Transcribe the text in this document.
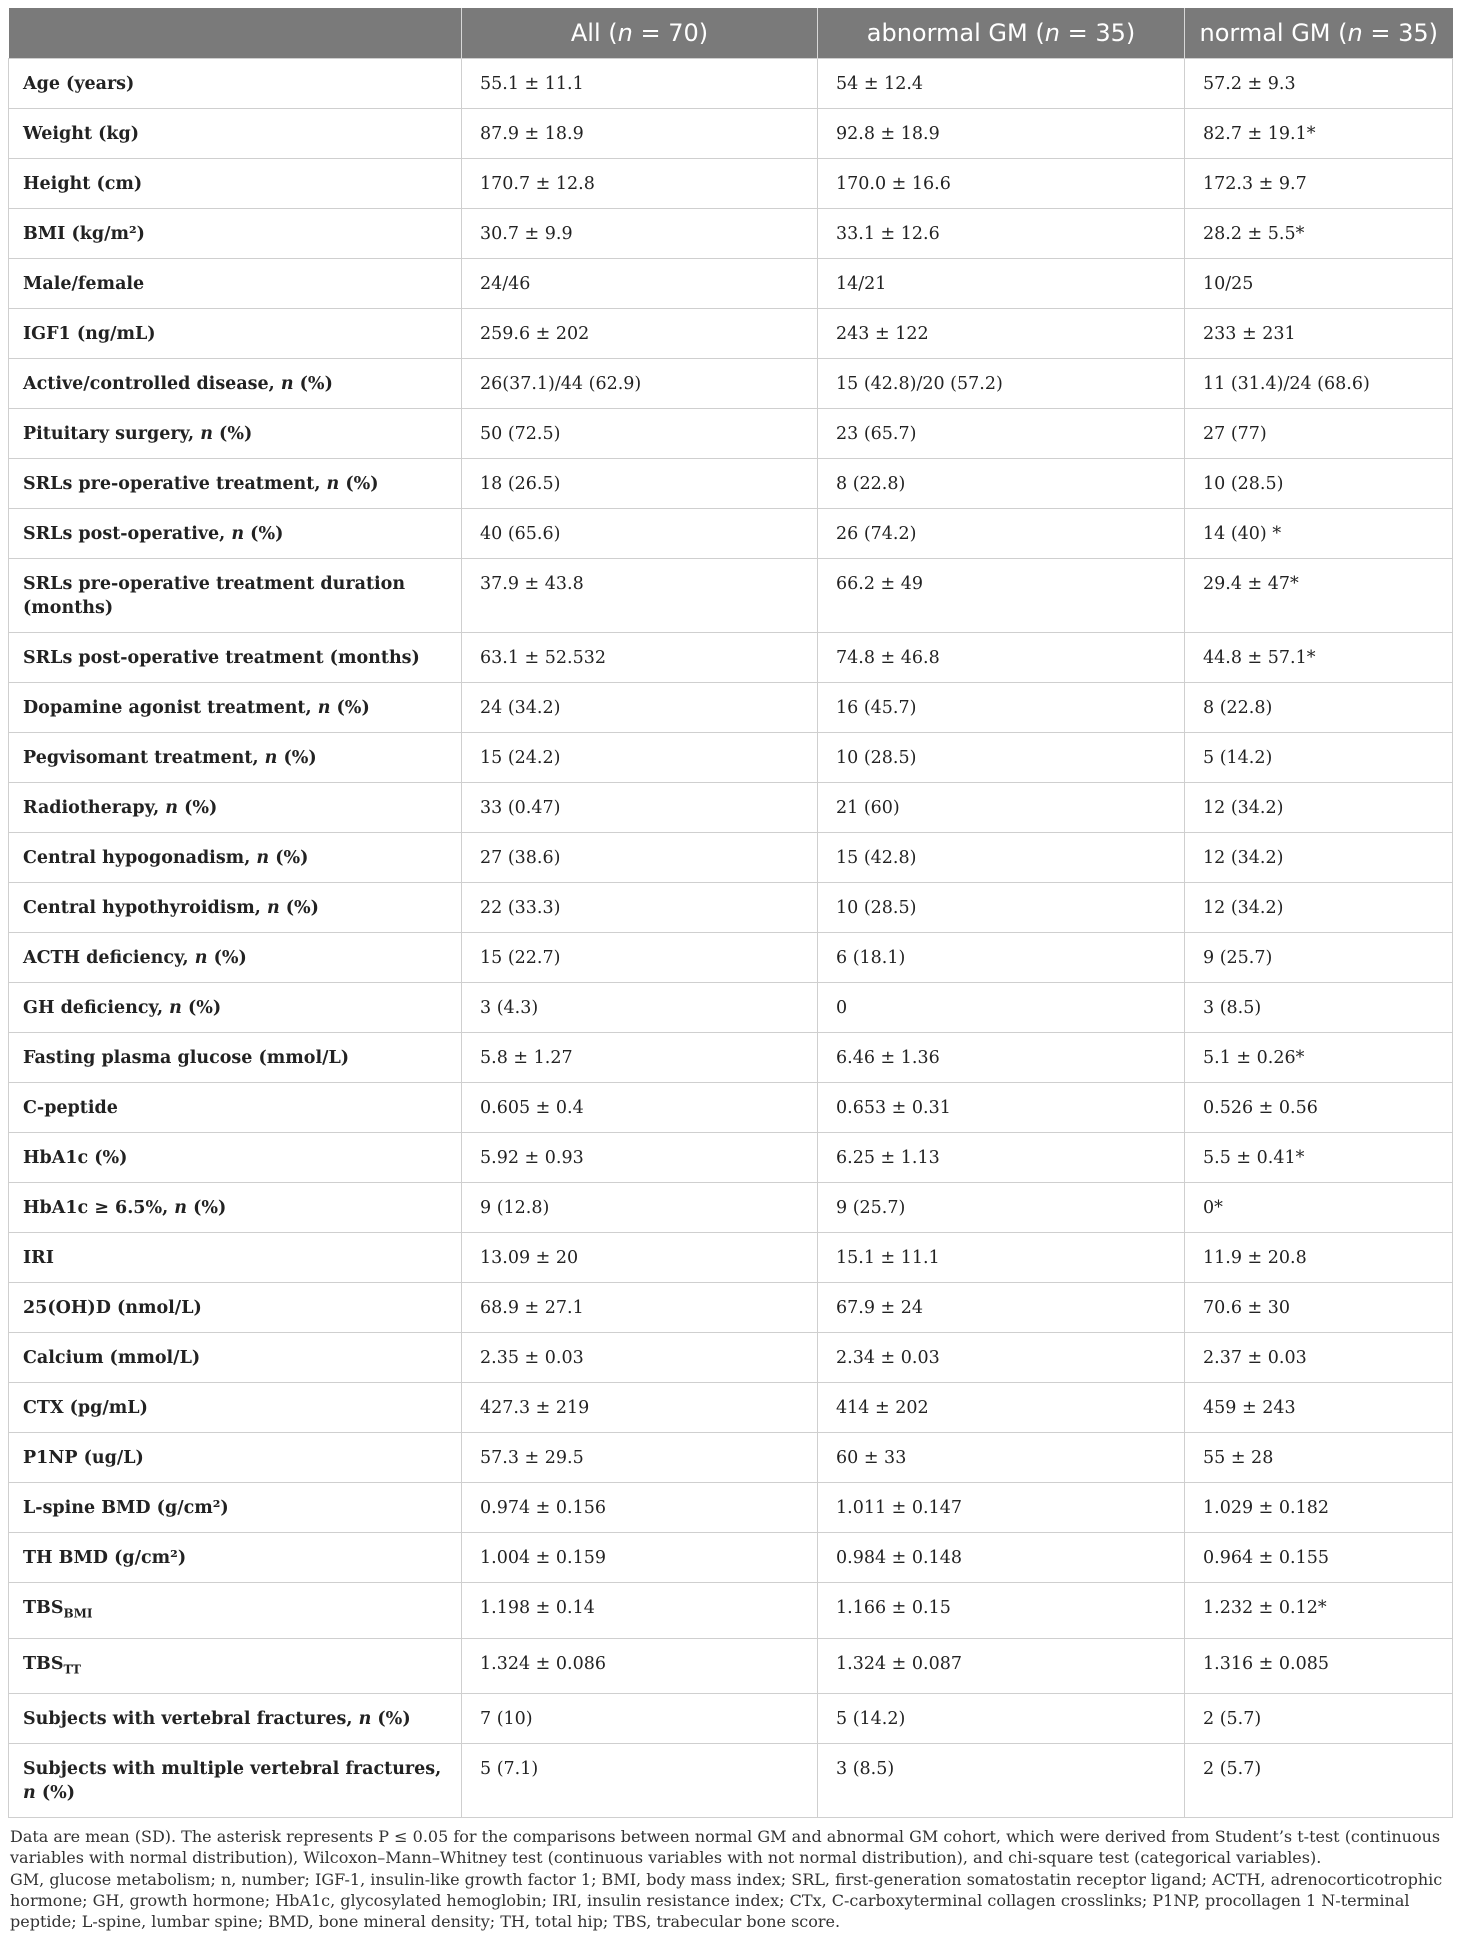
	All (n = 70)	abnormal GM (n = 35)	normal GM (n = 35)
Age (years)	55.1 ± 11.1	54 ± 12.4	57.2 ± 9.3
Weight (kg)	87.9 ± 18.9	92.8 ± 18.9	82.7 ± 19.1*
Height (cm)	170.7 ± 12.8	170.0 ± 16.6	172.3 ± 9.7
BMI (kg/m²)	30.7 ± 9.9	33.1 ± 12.6	28.2 ± 5.5*
Male/female	24/46	14/21	10/25
IGF1 (ng/mL)	259.6 ± 202	243 ± 122	233 ± 231
Active/controlled disease, n (%)	26(37.1)/44 (62.9)	15 (42.8)/20 (57.2)	11 (31.4)/24 (68.6)
Pituitary surgery, n (%)	50 (72.5)	23 (65.7)	27 (77)
SRLs pre-operative treatment, n (%)	18 (26.5)	8 (22.8)	10 (28.5)
SRLs post-operative, n (%)	40 (65.6)	26 (74.2)	14 (40) *
SRLs pre-operative treatment duration (months)	37.9 ± 43.8	66.2 ± 49	29.4 ± 47*
SRLs post-operative treatment (months)	63.1 ± 52.532	74.8 ± 46.8	44.8 ± 57.1*
Dopamine agonist treatment, n (%)	24 (34.2)	16 (45.7)	8 (22.8)
Pegvisomant treatment, n (%)	15 (24.2)	10 (28.5)	5 (14.2)
Radiotherapy, n (%)	33 (0.47)	21 (60)	12 (34.2)
Central hypogonadism, n (%)	27 (38.6)	15 (42.8)	12 (34.2)
Central hypothyroidism, n (%)	22 (33.3)	10 (28.5)	12 (34.2)
ACTH deficiency, n (%)	15 (22.7)	6 (18.1)	9 (25.7)
GH deficiency, n (%)	3 (4.3)	0	3 (8.5)
Fasting plasma glucose (mmol/L)	5.8 ± 1.27	6.46 ± 1.36	5.1 ± 0.26*
C-peptide	0.605 ± 0.4	0.653 ± 0.31	0.526 ± 0.56
HbA1c (%)	5.92 ± 0.93	6.25 ± 1.13	5.5 ± 0.41*
HbA1c ≥ 6.5%, n (%)	9 (12.8)	9 (25.7)	0*
IRI	13.09 ± 20	15.1 ± 11.1	11.9 ± 20.8
25(OH)D (nmol/L)	68.9 ± 27.1	67.9 ± 24	70.6 ± 30
Calcium (mmol/L)	2.35 ± 0.03	2.34 ± 0.03	2.37 ± 0.03
CTX (pg/mL)	427.3 ± 219	414 ± 202	459 ± 243
P1NP (ug/L)	57.3 ± 29.5	60 ± 33	55 ± 28
L-spine BMD (g/cm²)	0.974 ± 0.156	1.011 ± 0.147	1.029 ± 0.182
TH BMD (g/cm²)	1.004 ± 0.159	0.984 ± 0.148	0.964 ± 0.155
$TBS_{BMI}$	1.198 ± 0.14	1.166 ± 0.15	1.232 ± 0.12*
$TBS_{TT}$	1.324 ± 0.086	1.324 ± 0.087	1.316 ± 0.085
Subjects with vertebral fractures, n (%)	7 (10)	5 (14.2)	2 (5.7)
Subjects with multiple vertebral fractures, n (%)	5 (7.1)	3 (8.5)	2 (5.7)

Data are mean (SD). The asterisk represents P ≤ 0.05 for the comparisons between normal GM and abnormal GM cohort, which were derived from Student’s t-test (continuous variables with normal distribution), Wilcoxon–Mann–Whitney test (continuous variables with not normal distribution), and chi-square test (categorical variables).

GM, glucose metabolism; n, number; IGF-1, insulin-like growth factor 1; BMI, body mass index; SRL, first-generation somatostatin receptor ligand; ACTH, adrenocorticotrophic hormone; GH, growth hormone; HbA1c, glycosylated hemoglobin; IRI, insulin resistance index; CTx, C-carboxyterminal collagen crosslinks; P1NP, procollagen 1 N-terminal peptide; L-spine, lumbar spine; BMD, bone mineral density; TH, total hip; TBS, trabecular bone score.
